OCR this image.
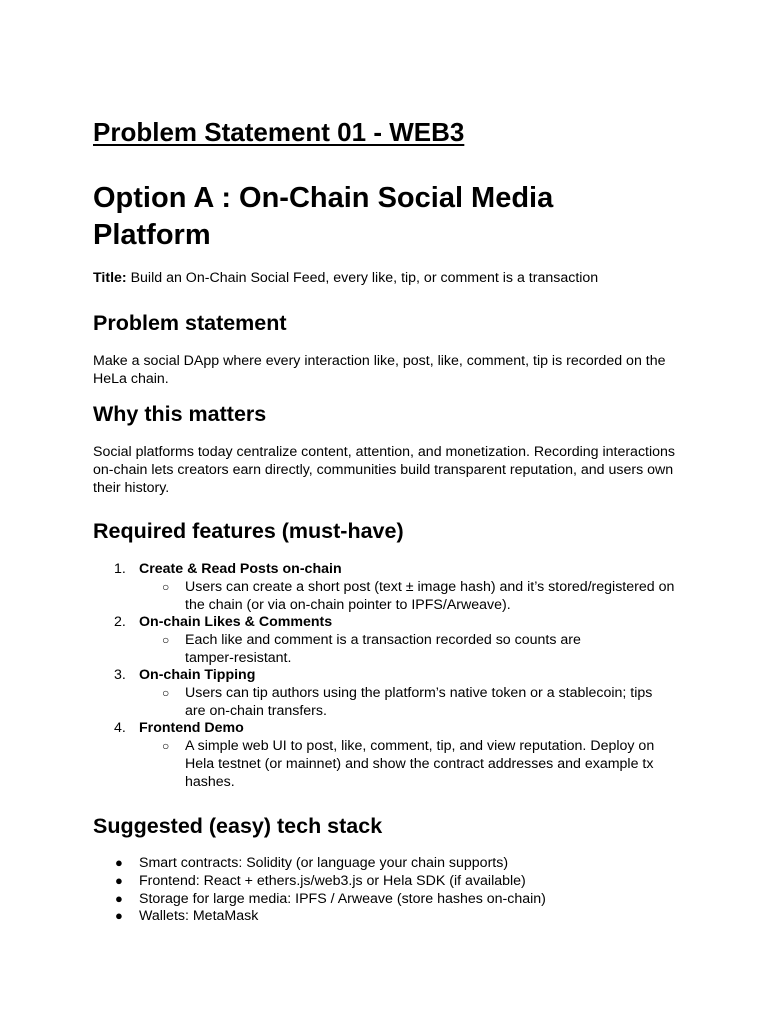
Problem Statement 01 - WEB3
Option A : On-Chain Social Media Platform

Title: Build an On-Chain Social Feed, every like, tip, or comment is a transaction

Problem statement

Make a social DApp where every interaction like, post, like, comment, tip is recorded on the HeLa chain.

Why this matters

Social platforms today centralize content, attention, and monetization. Recording interactions on-chain lets creators earn directly, communities build transparent reputation, and users own their history.

Required features (must-have)
1. Create & Read Posts on-chain
○ Users can create a short post (text ± image hash) and it’s stored/registered on the chain (or via on-chain pointer to IPFS/Arweave).
2. On-chain Likes & Comments
○ Each like and comment is a transaction recorded so counts are tamper-resistant.
3. On-chain Tipping
○ Users can tip authors using the platform’s native token or a stablecoin; tips are on-chain transfers.
4. Frontend Demo
○ A simple web UI to post, like, comment, tip, and view reputation. Deploy on Hela testnet (or mainnet) and show the contract addresses and example tx hashes.
Suggested (easy) tech stack
● Smart contracts: Solidity (or language your chain supports)
● Frontend: React + ethers.js/web3.js or Hela SDK (if available)
● Storage for large media: IPFS / Arweave (store hashes on-chain)
● Wallets: MetaMask
